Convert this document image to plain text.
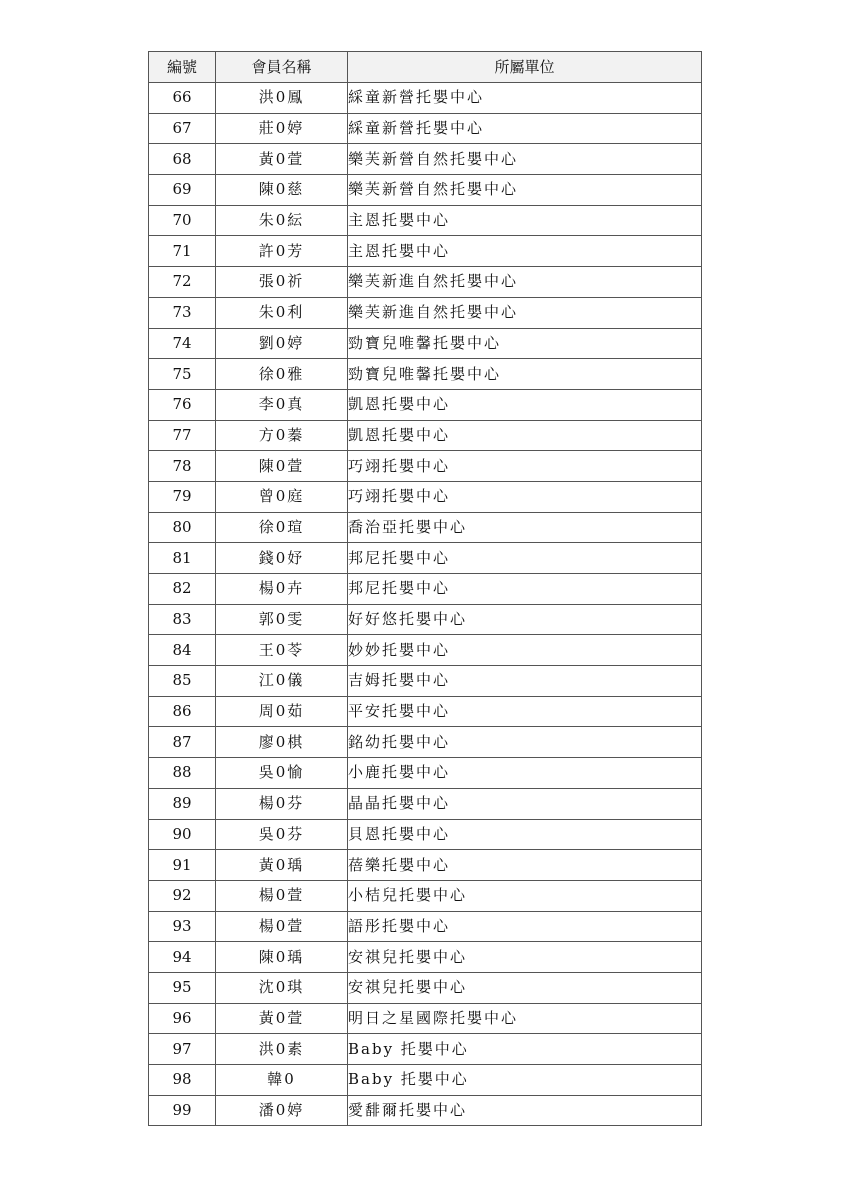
編號	會員名稱	所屬單位
66	洪0鳳	綵童新營托嬰中心
67	莊0婷	綵童新營托嬰中心
68	黃0萱	樂芙新營自然托嬰中心
69	陳0慈	樂芙新營自然托嬰中心
70	朱0紜	主恩托嬰中心
71	許0芳	主恩托嬰中心
72	張0祈	樂芙新進自然托嬰中心
73	朱0利	樂芙新進自然托嬰中心
74	劉0婷	勁寶兒唯馨托嬰中心
75	徐0雅	勁寶兒唯馨托嬰中心
76	李0真	凱恩托嬰中心
77	方0蓁	凱恩托嬰中心
78	陳0萱	巧翊托嬰中心
79	曾0庭	巧翊托嬰中心
80	徐0瑄	喬治亞托嬰中心
81	錢0妤	邦尼托嬰中心
82	楊0卉	邦尼托嬰中心
83	郭0雯	好好悠托嬰中心
84	王0苓	妙妙托嬰中心
85	江0儀	吉姆托嬰中心
86	周0茹	平安托嬰中心
87	廖0棋	銘幼托嬰中心
88	吳0愉	小鹿托嬰中心
89	楊0芬	晶晶托嬰中心
90	吳0芬	貝恩托嬰中心
91	黃0瑀	蓓樂托嬰中心
92	楊0萱	小桔兒托嬰中心
93	楊0萱	語彤托嬰中心
94	陳0瑀	安祺兒托嬰中心
95	沈0琪	安祺兒托嬰中心
96	黃0萱	明日之星國際托嬰中心
97	洪0素	Baby 托嬰中心
98	韓0	Baby 托嬰中心
99	潘0婷	愛馡爾托嬰中心
